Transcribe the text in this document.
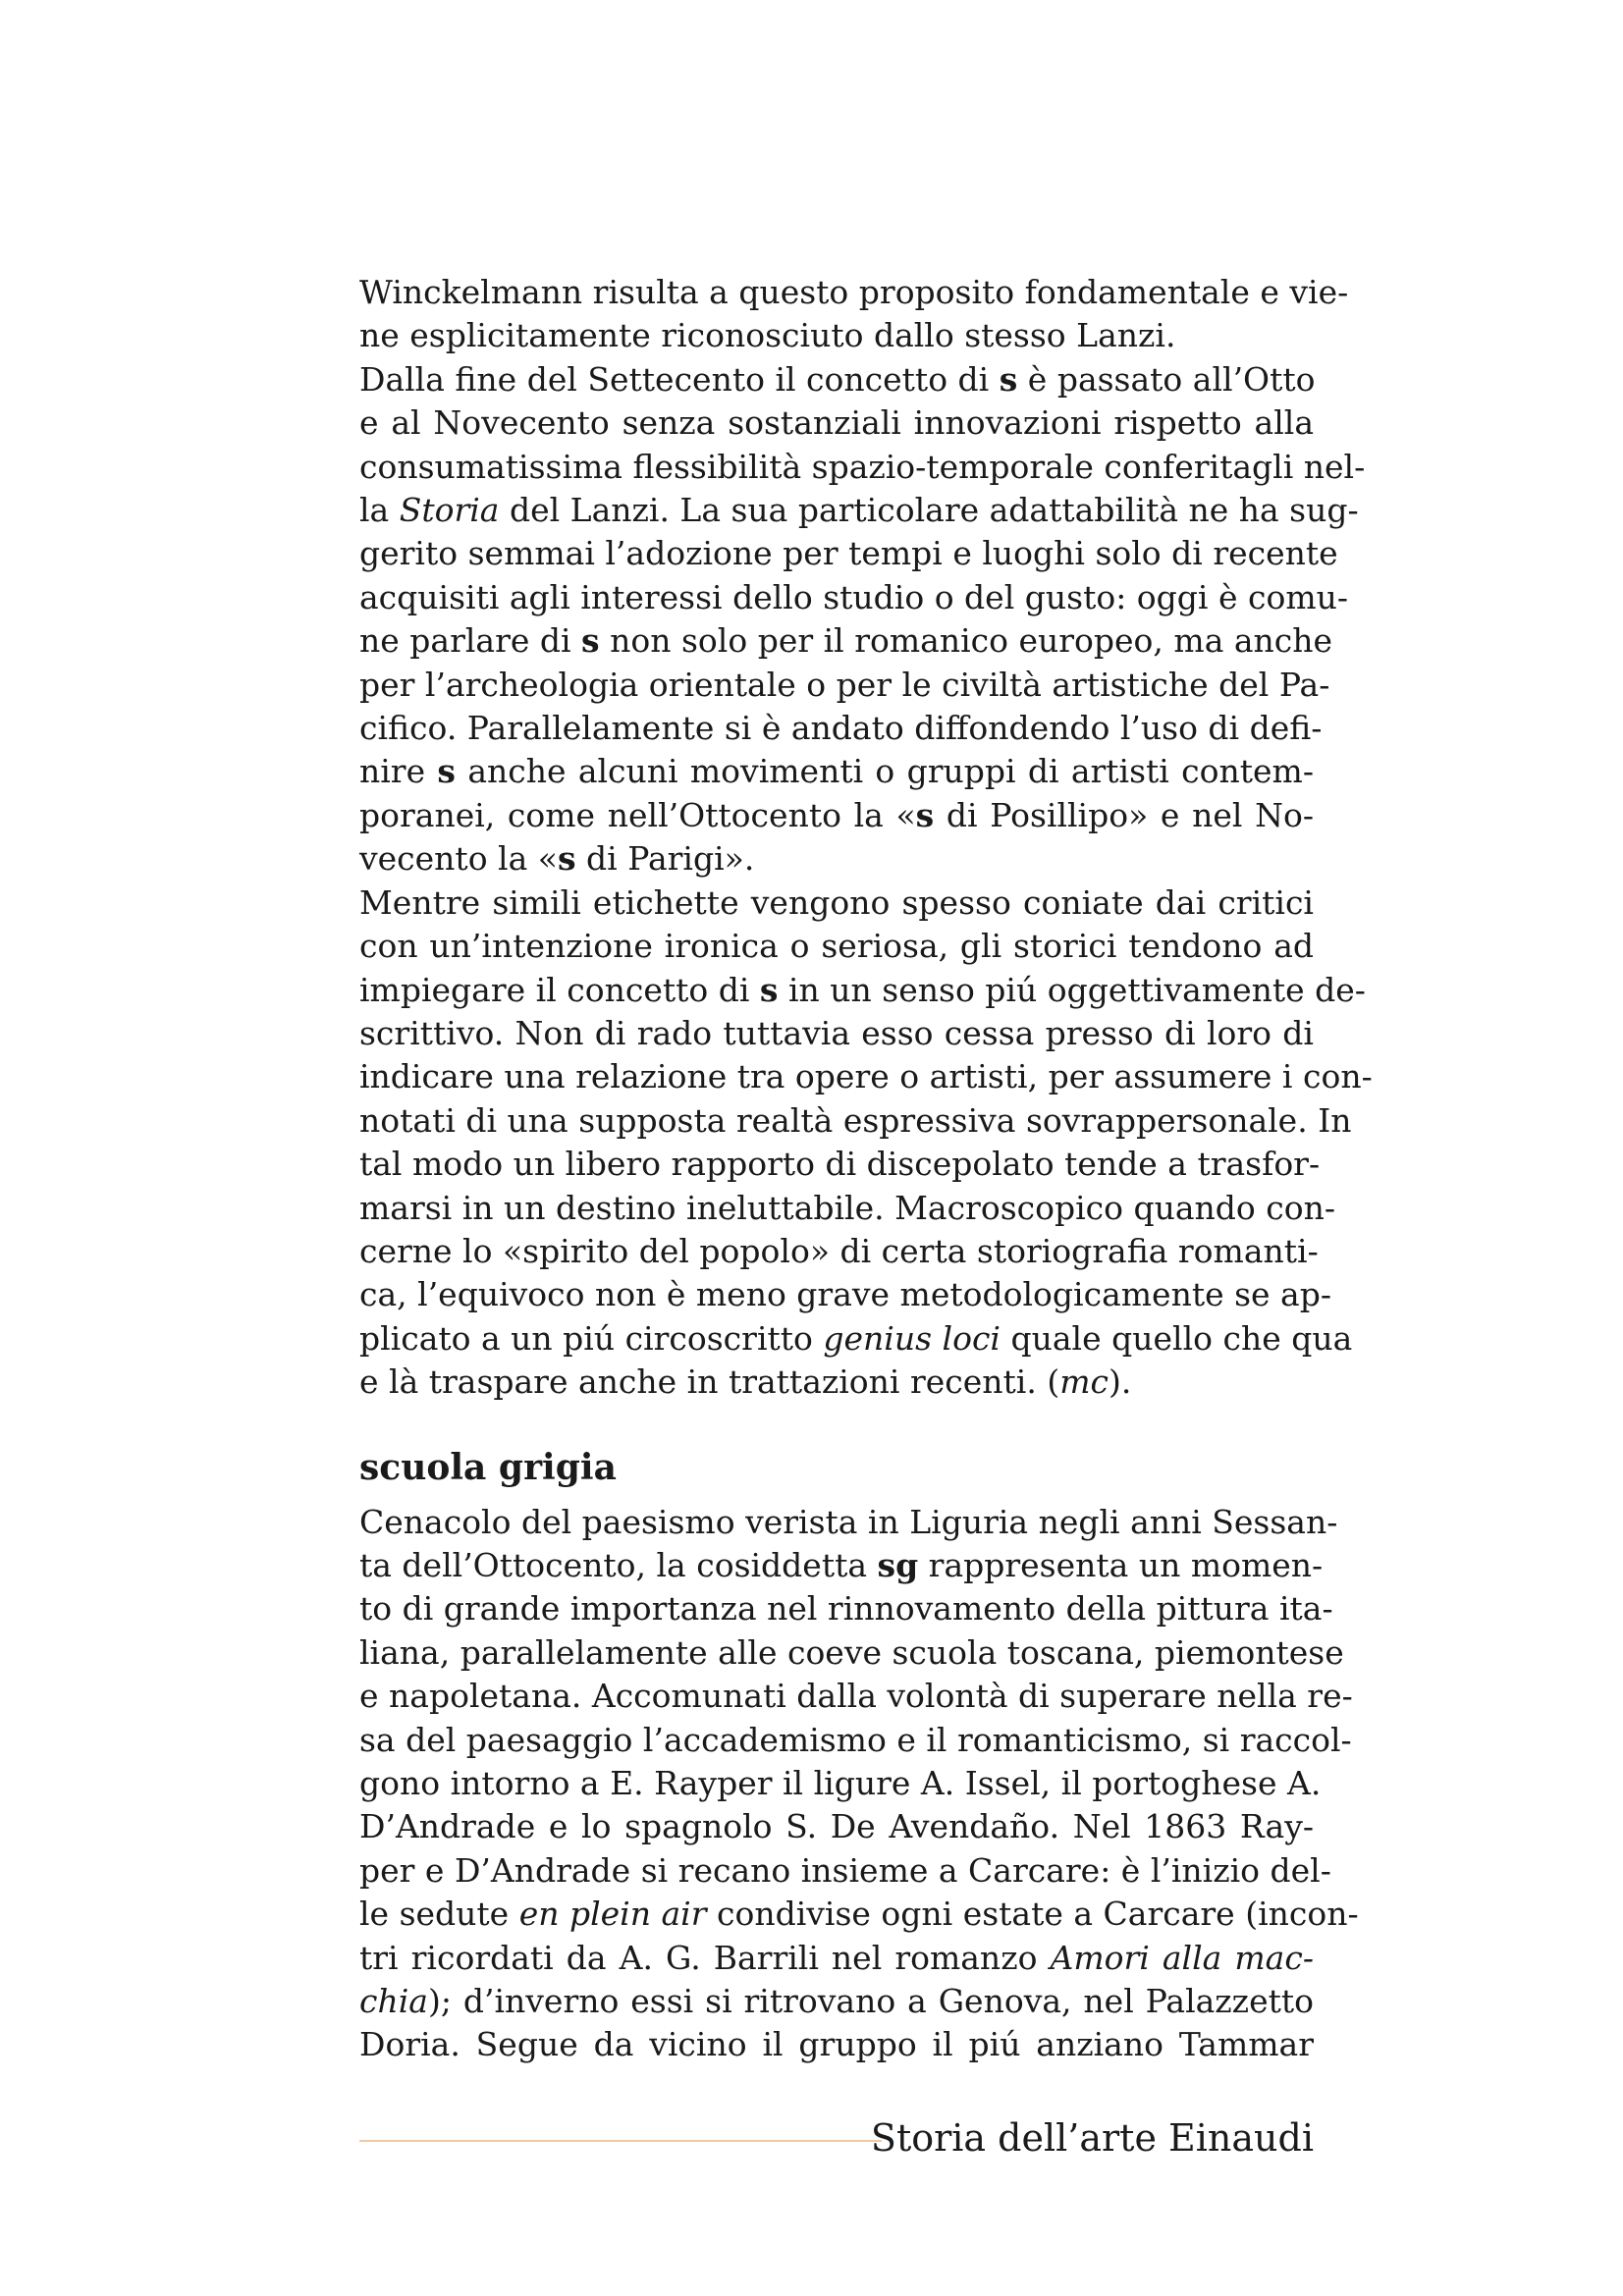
Winckelmann risulta a questo proposito fondamentale e vie-
ne esplicitamente riconosciuto dallo stesso Lanzi.
Dalla fine del Settecento il concetto di s è passato all’Otto
e al Novecento senza sostanziali innovazioni rispetto alla
consumatissima flessibilità spazio-temporale conferitagli nel-
la Storia del Lanzi. La sua particolare adattabilità ne ha sug-
gerito semmai l’adozione per tempi e luoghi solo di recente
acquisiti agli interessi dello studio o del gusto: oggi è comu-
ne parlare di s non solo per il romanico europeo, ma anche
per l’archeologia orientale o per le civiltà artistiche del Pa-
cifico. Parallelamente si è andato diffondendo l’uso di defi-
nire s anche alcuni movimenti o gruppi di artisti contem-
poranei, come nell’Ottocento la «s di Posillipo» e nel No-
vecento la «s di Parigi».
Mentre simili etichette vengono spesso coniate dai critici
con un’intenzione ironica o seriosa, gli storici tendono ad
impiegare il concetto di s in un senso piú oggettivamente de-
scrittivo. Non di rado tuttavia esso cessa presso di loro di
indicare una relazione tra opere o artisti, per assumere i con-
notati di una supposta realtà espressiva sovrappersonale. In
tal modo un libero rapporto di discepolato tende a trasfor-
marsi in un destino ineluttabile. Macroscopico quando con-
cerne lo «spirito del popolo» di certa storiografia romanti-
ca, l’equivoco non è meno grave metodologicamente se ap-
plicato a un piú circoscritto genius loci quale quello che qua
e là traspare anche in trattazioni recenti. (mc).
scuola grigia
Cenacolo del paesismo verista in Liguria negli anni Sessan-
ta dell’Ottocento, la cosiddetta sg rappresenta un momen-
to di grande importanza nel rinnovamento della pittura ita-
liana, parallelamente alle coeve scuola toscana, piemontese
e napoletana. Accomunati dalla volontà di superare nella re-
sa del paesaggio l’accademismo e il romanticismo, si raccol-
gono intorno a E. Rayper il ligure A. Issel, il portoghese A.
D’Andrade e lo spagnolo S. De Avendaño. Nel 1863 Ray-
per e D’Andrade si recano insieme a Carcare: è l’inizio del-
le sedute en plein air condivise ogni estate a Carcare (incon-
tri ricordati da A. G. Barrili nel romanzo Amori alla mac-
chia); d’inverno essi si ritrovano a Genova, nel Palazzetto
Doria. Segue da vicino il gruppo il piú anziano Tammar
Storia dell’arte Einaudi
